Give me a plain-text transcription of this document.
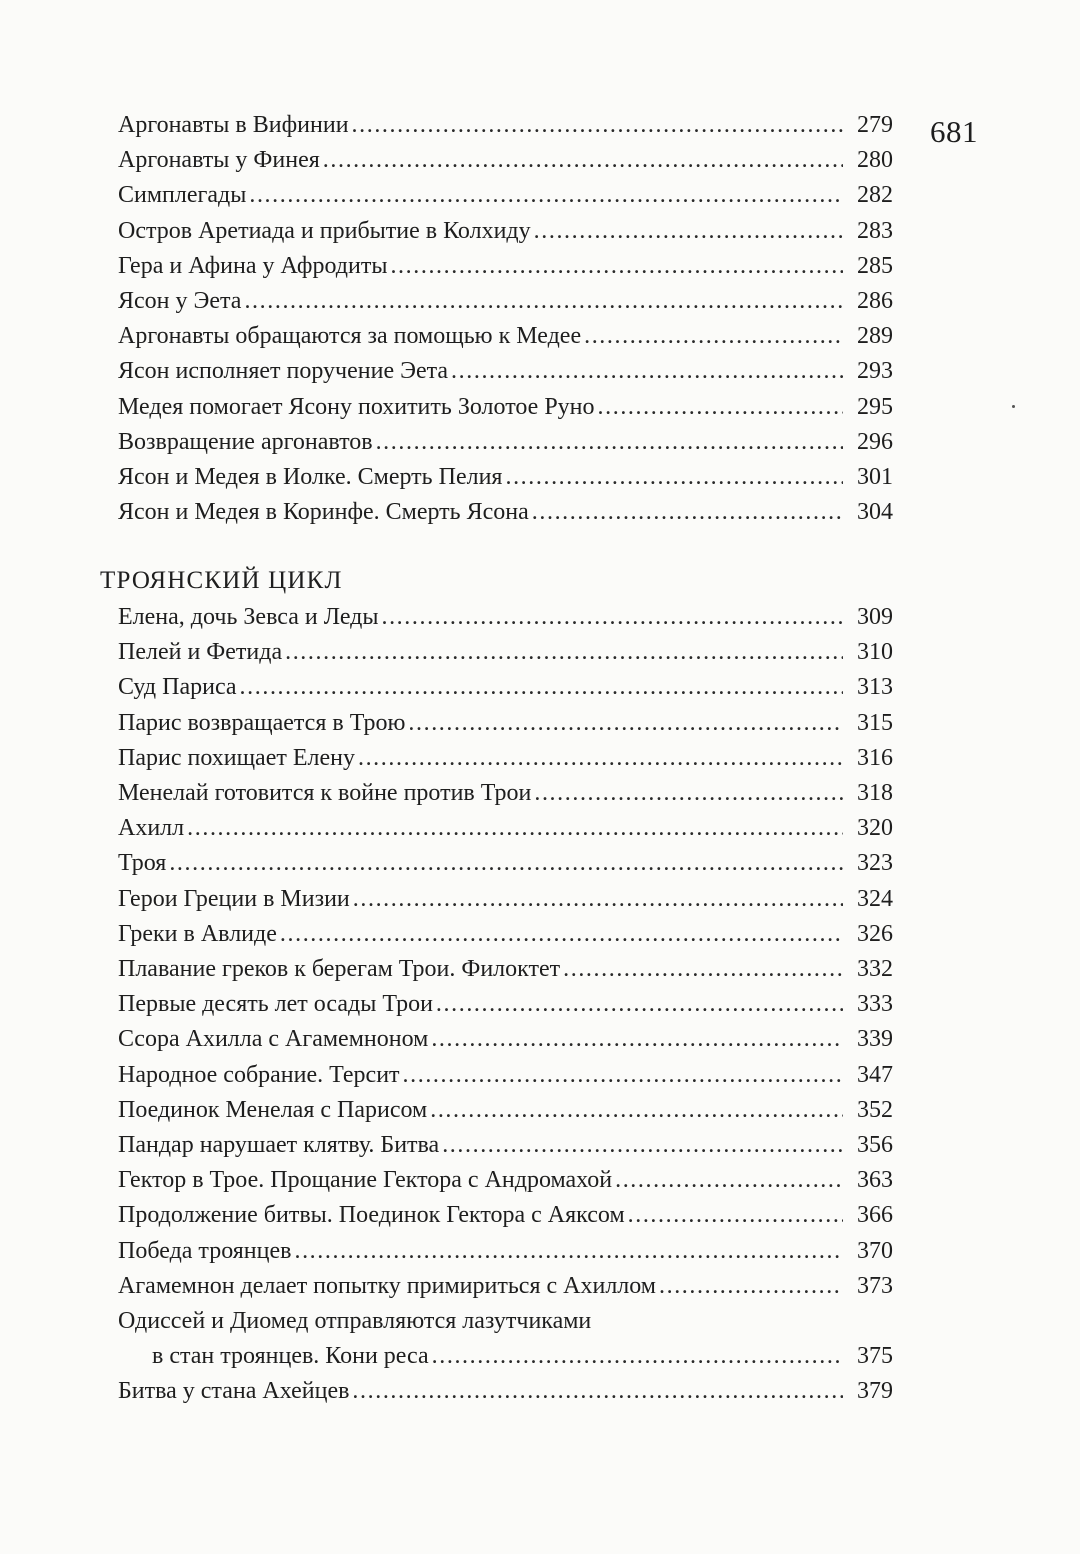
681
Аргонавты в Вифинии . . .	279
Аргонавты у Финея . . .	280
Симплегады . . .	282
Остров Аретиада и прибытие в Колхиду . . .	283
Гера и Афина у Афродиты . . .	285
Ясон у Эета . . .	286
Аргонавты обращаются за помощью к Медее . . .	289
Ясон исполняет поручение Эета . . .	293
Медея помогает Ясону похитить Золотое Руно . . .	295
Возвращение аргонавтов . . .	296
Ясон и Медея в Иолке. Смерть Пелия . . .	301
Ясон и Медея в Коринфе. Смерть Ясона . . .	304
ТРОЯНСКИЙ ЦИКЛ
Елена, дочь Зевса и Леды . . .	309
Пелей и Фетида . . .	310
Суд Париса . . .	313
Парис возвращается в Трою . . .	315
Парис похищает Елену . . .	316
Менелай готовится к войне против Трои . . .	318
Ахилл . . .	320
Троя . . .	323
Герои Греции в Мизии . . .	324
Греки в Авлиде . . .	326
Плавание греков к берегам Трои. Филоктет . . .	332
Первые десять лет осады Трои . . .	333
Ссора Ахилла с Агамемноном . . .	339
Народное собрание. Терсит . . .	347
Поединок Менелая с Парисом . . .	352
Пандар нарушает клятву. Битва . . .	356
Гектор в Трое. Прощание Гектора с Андромахой . . .	363
Продолжение битвы. Поединок Гектора с Аяксом . . .	366
Победа троянцев . . .	370
Агамемнон делает попытку примириться с Ахиллом . . .	373
Одиссей и Диомед отправляются лазутчиками
в стан троянцев. Кони реса . . .	375
Битва у стана Ахейцев . . .	379
